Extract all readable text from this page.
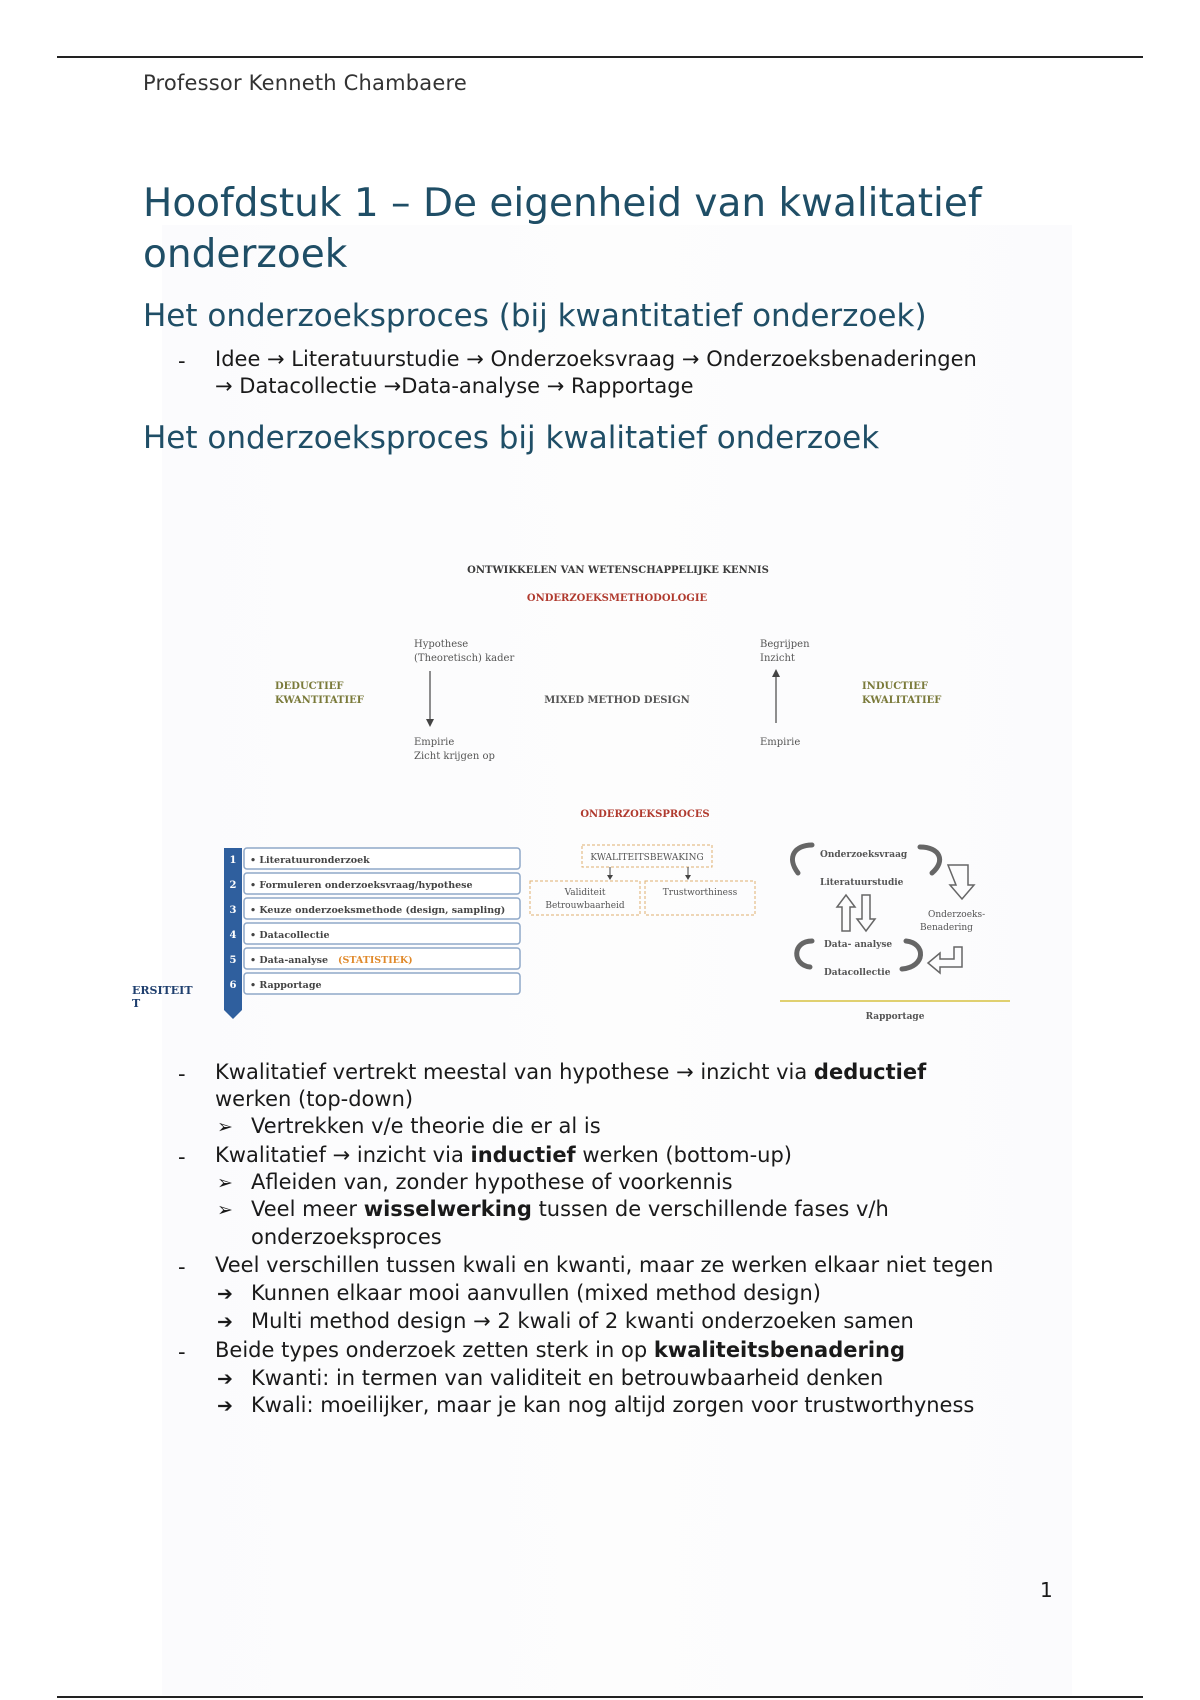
Professor Kenneth Chambaere
Hoofdstuk 1 – De eigenheid van kwalitatief
onderzoek
Het onderzoeksproces (bij kwantitatief onderzoek)
- Idee → Literatuurstudie → Onderzoeksvraag → Onderzoeksbenaderingen
→ Datacollectie →Data-analyse → Rapportage
Het onderzoeksproces bij kwalitatief onderzoek
ONTWIKKELEN VAN WETENSCHAPPELIJKE KENNIS
ONDERZOEKSMETHODOLOGIE
Hypothese
(Theoretisch) kader
DEDUCTIEF
KWANTITATIEF	MIXED METHOD DESIGN
Empirie
Zicht krijgen op
Begrijpen
Inzicht
Empirie
INDUCTIEF
KWALITATIEF
ONDERZOEKSPROCES
1 • Literatuuronderzoek
2 • Formuleren onderzoeksvraag/hypothese
3 • Keuze onderzoeksmethode (design, sampling)
4 • Datacollectie
5 • Data-analyse (STATISTIEK)
6 • Rapportage
ERSITEIT
T
KWALITEITSBEWAKING
Validiteit
Betrouwbaarheid
Trustworthiness
Onderzoeksvraag
Literatuurstudie
Onderzoeks-
Benadering
Data- analyse
Datacollectie
Rapportage
- Kwalitatief vertrekt meestal van hypothese → inzicht via deductief
werken (top-down)
➢ Vertrekken v/e theorie die er al is
- Kwalitatief → inzicht via inductief werken (bottom-up)
➢ Afleiden van, zonder hypothese of voorkennis
➢ Veel meer wisselwerking tussen de verschillende fases v/h
onderzoeksproces
- Veel verschillen tussen kwali en kwanti, maar ze werken elkaar niet tegen
➔ Kunnen elkaar mooi aanvullen (mixed method design)
➔ Multi method design → 2 kwali of 2 kwanti onderzoeken samen
- Beide types onderzoek zetten sterk in op kwaliteitsbenadering
➔ Kwanti: in termen van validiteit en betrouwbaarheid denken
➔ Kwali: moeilijker, maar je kan nog altijd zorgen voor trustworthyness
1
